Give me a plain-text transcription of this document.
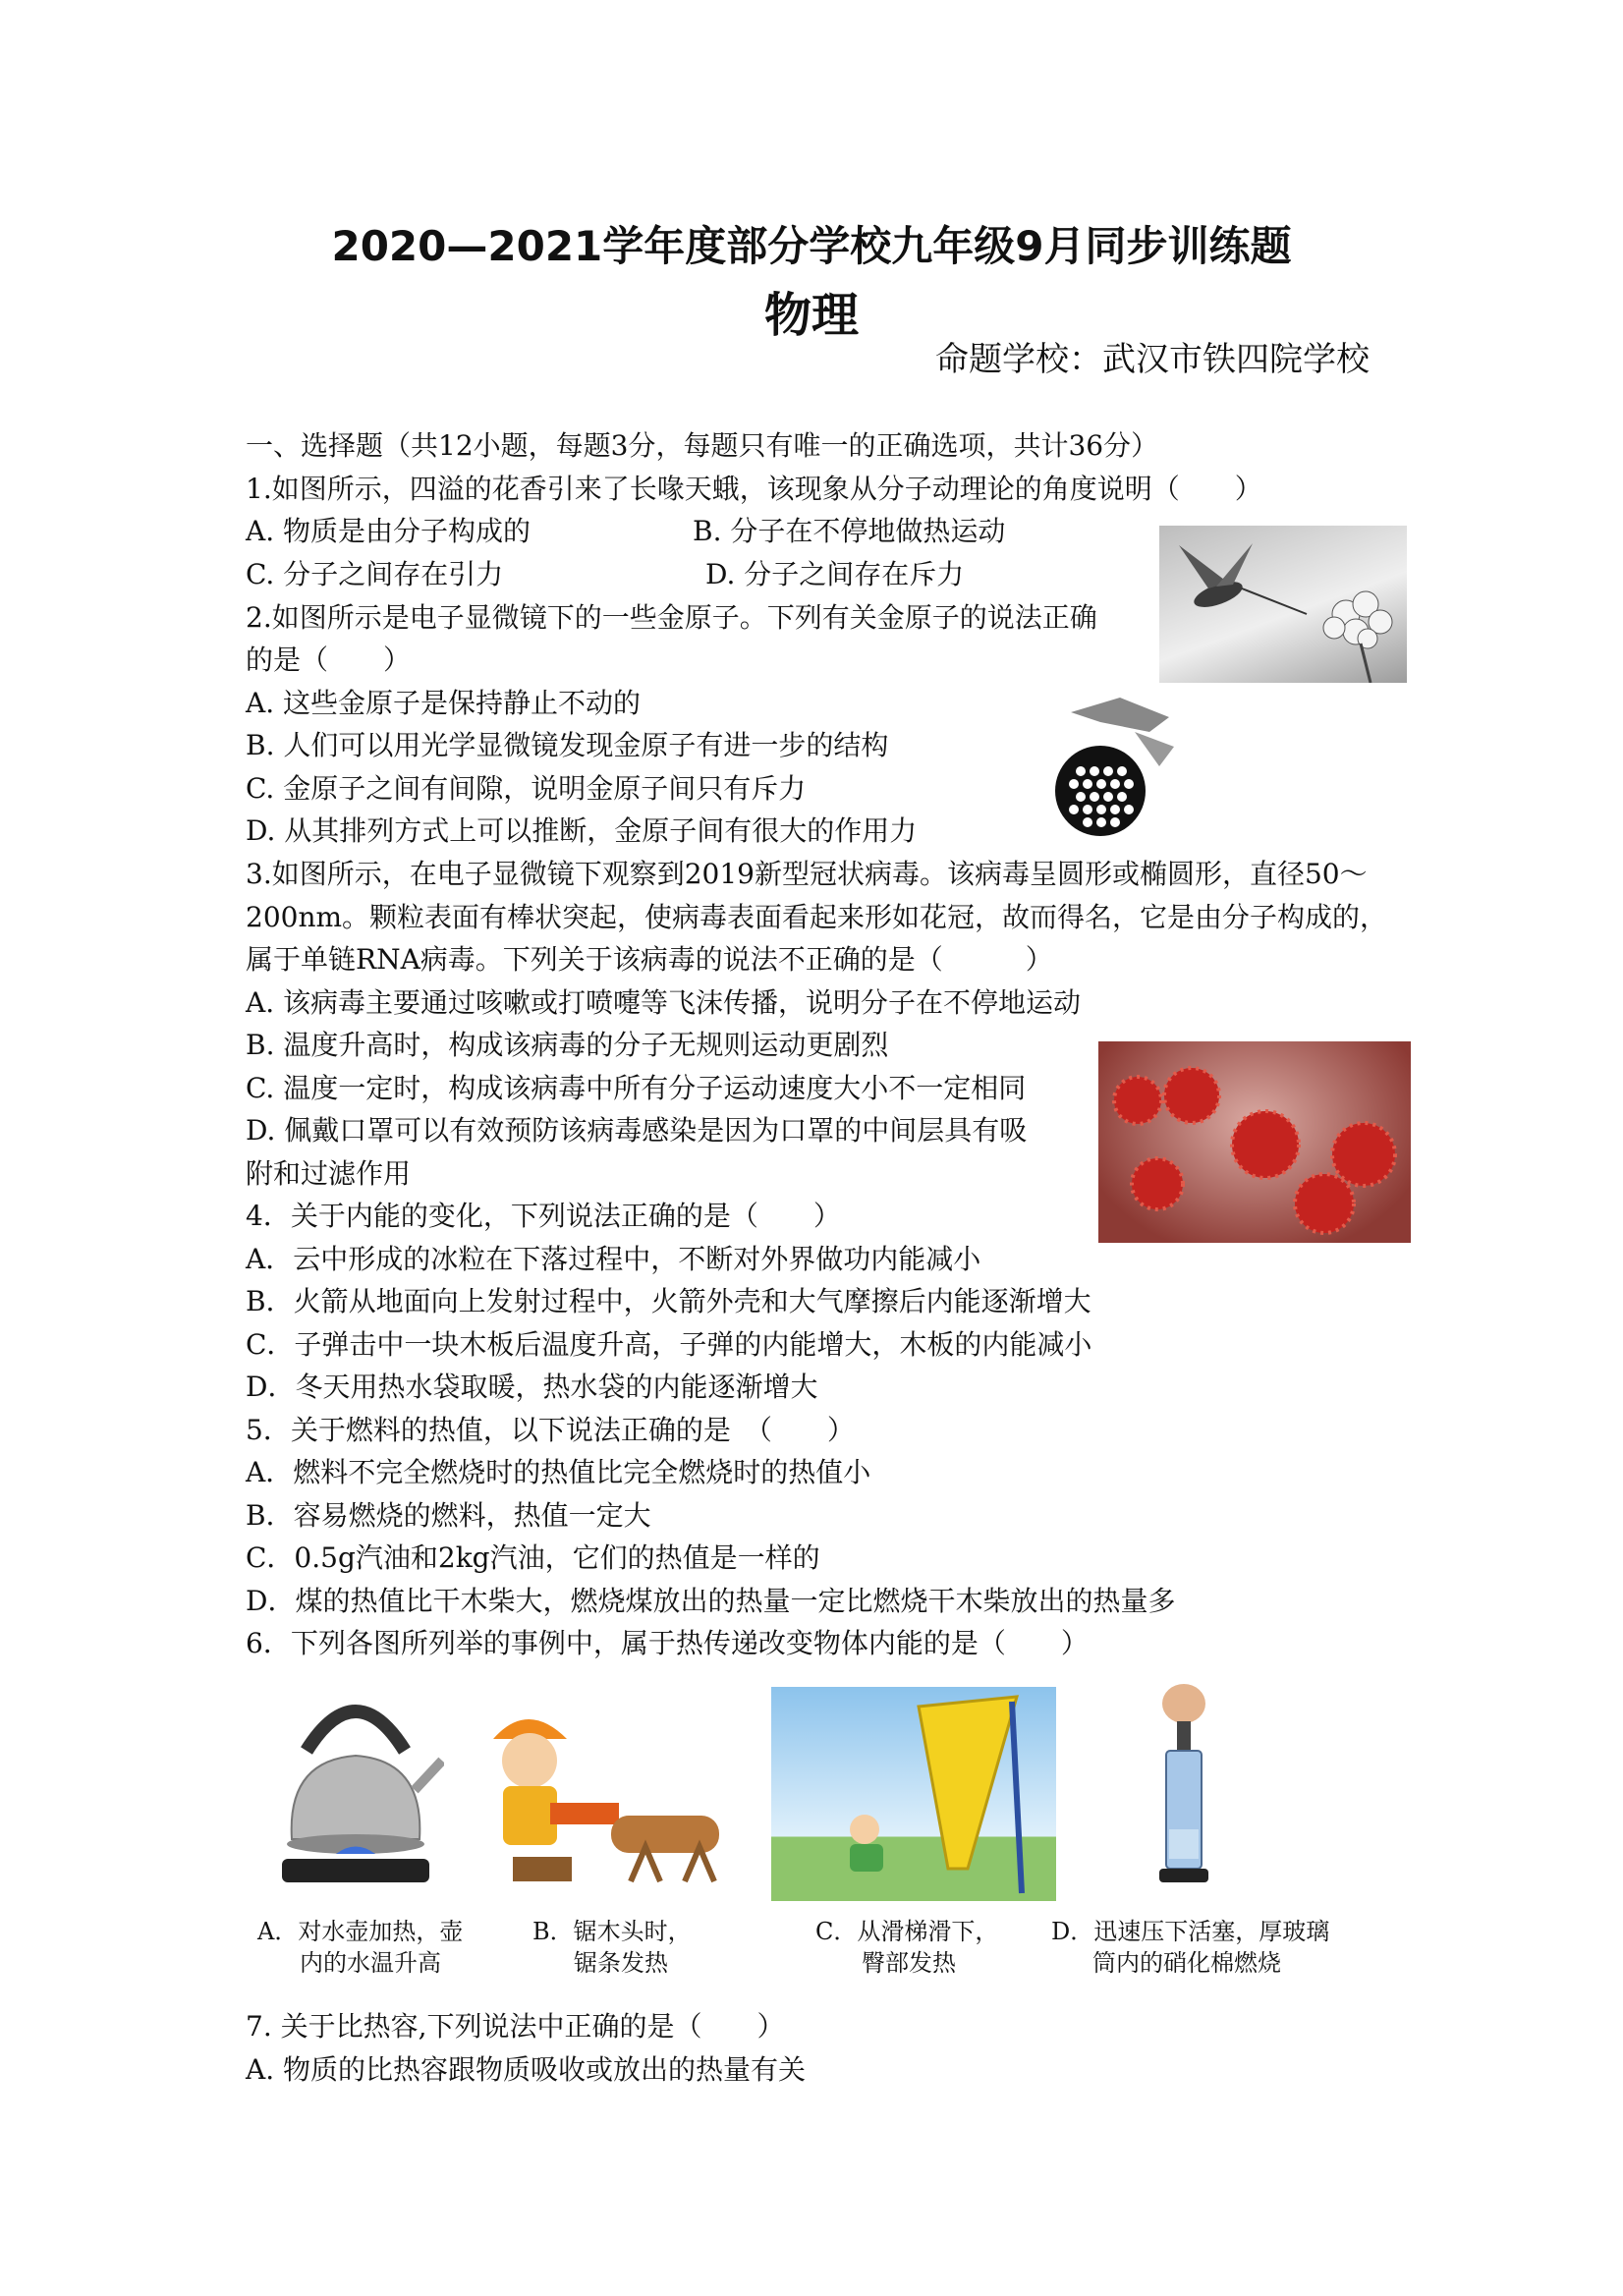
2020—2021学年度部分学校九年级9月同步训练题
物理
命题学校：武汉市铁四院学校
一、选择题（共12小题，每题3分，每题只有唯一的正确选项，共计36分）
1.如图所示，四溢的花香引来了长喙天蛾，该现象从分子动理论的角度说明（　　）
A. 物质是由分子构成的	B. 分子在不停地做热运动
C. 分子之间存在引力	D. 分子之间存在斥力
2.如图所示是电子显微镜下的一些金原子。下列有关金原子的说法正确
的是（　　）
A. 这些金原子是保持静止不动的
B. 人们可以用光学显微镜发现金原子有进一步的结构
C. 金原子之间有间隙，说明金原子间只有斥力
D. 从其排列方式上可以推断，金原子间有很大的作用力
3.如图所示，在电子显微镜下观察到2019新型冠状病毒。该病毒呈圆形或椭圆形，直径50～
200nm。颗粒表面有棒状突起，使病毒表面看起来形如花冠，故而得名，它是由分子构成的，
属于单链RNA病毒。下列关于该病毒的说法不正确的是（　　　）
A. 该病毒主要通过咳嗽或打喷嚏等飞沫传播，说明分子在不停地运动
B. 温度升高时，构成该病毒的分子无规则运动更剧烈
C. 温度一定时，构成该病毒中所有分子运动速度大小不一定相同
D. 佩戴口罩可以有效预防该病毒感染是因为口罩的中间层具有吸
附和过滤作用
4．关于内能的变化，下列说法正确的是（　　）
A．云中形成的冰粒在下落过程中，不断对外界做功内能减小
B．火箭从地面向上发射过程中，火箭外壳和大气摩擦后内能逐渐增大
C．子弹击中一块木板后温度升高，子弹的内能增大，木板的内能减小
D．冬天用热水袋取暖，热水袋的内能逐渐增大
5．关于燃料的热值，以下说法正确的是　（　　）
A．燃料不完全燃烧时的热值比完全燃烧时的热值小
B．容易燃烧的燃料，热值一定大
C．0.5g汽油和2kg汽油，它们的热值是一样的
D．煤的热值比干木柴大，燃烧煤放出的热量一定比燃烧干木柴放出的热量多
6．下列各图所列举的事例中，属于热传递改变物体内能的是（　　）
A．对水壶加热，壶
内的水温升高
B．锯木头时，
锯条发热
C．从滑梯滑下，
臀部发热
D．迅速压下活塞，厚玻璃
筒内的硝化棉燃烧
7. 关于比热容,下列说法中正确的是（　　）
A. 物质的比热容跟物质吸收或放出的热量有关
